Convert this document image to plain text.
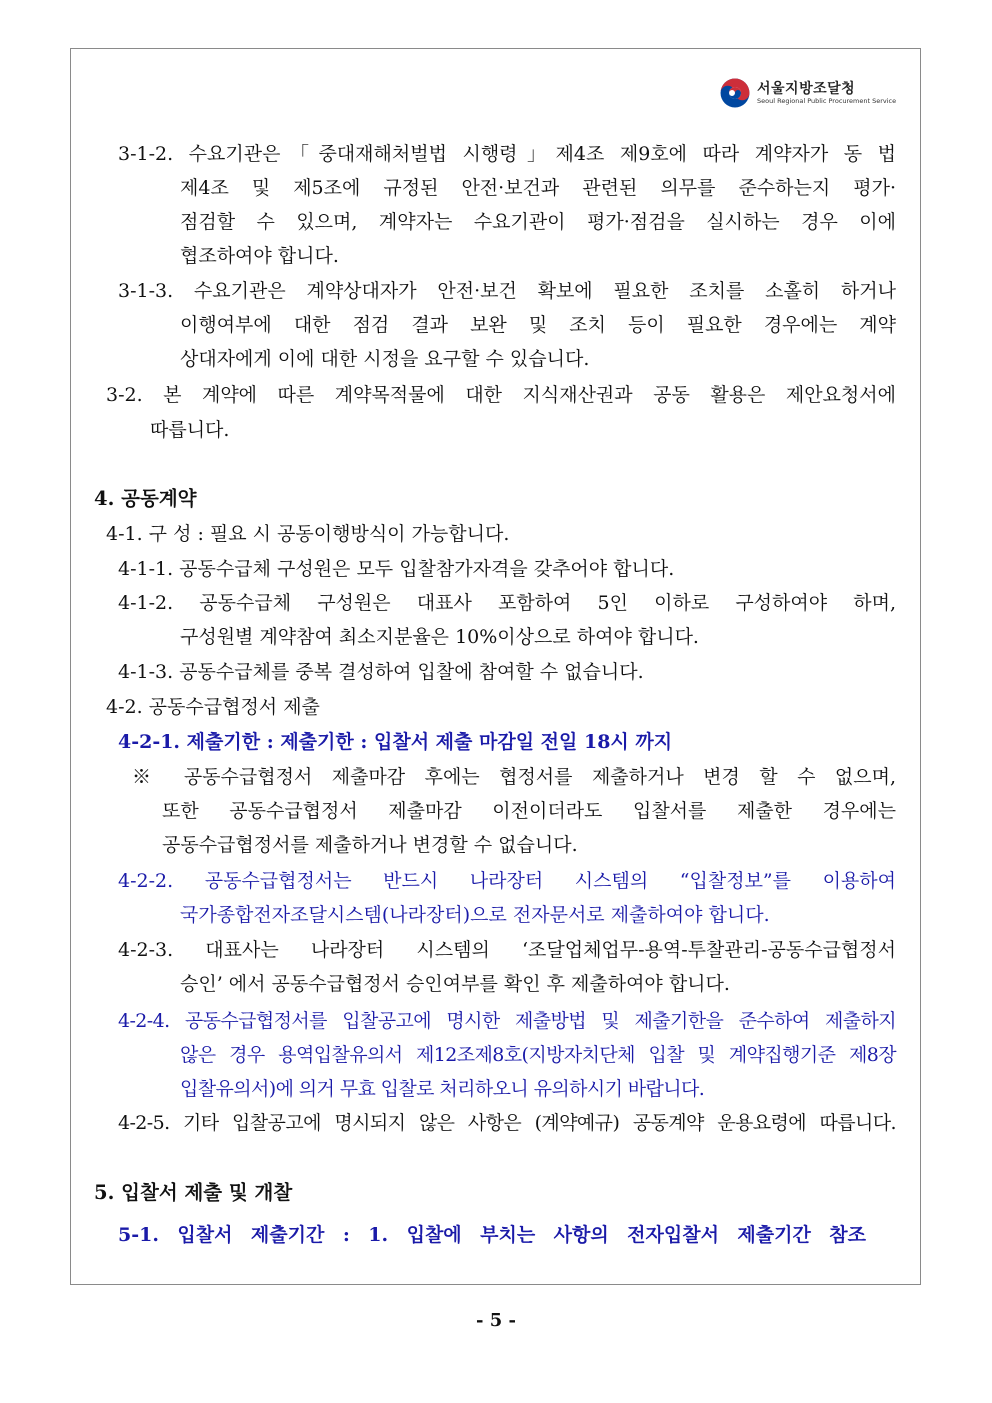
서울지방조달청
Seoul Regional Public Procurement Service
3-1-2. 수요기관은「중대재해처벌법 시행령」제4조 제9호에 따라 계약자가 동 법
제4조 및 제5조에 규정된 안전·보건과 관련된 의무를 준수하는지 평가·
점검할 수 있으며, 계약자는 수요기관이 평가·점검을 실시하는 경우 이에
협조하여야 합니다.
3-1-3. 수요기관은 계약상대자가 안전·보건 확보에 필요한 조치를 소홀히 하거나
이행여부에 대한 점검 결과 보완 및 조치 등이 필요한 경우에는 계약
상대자에게 이에 대한 시정을 요구할 수 있습니다.
3-2. 본 계약에 따른 계약목적물에 대한 지식재산권과 공동 활용은 제안요청서에
따릅니다.
4. 공동계약
4-1. 구 성 : 필요 시 공동이행방식이 가능합니다.
4-1-1. 공동수급체 구성원은 모두 입찰참가자격을 갖추어야 합니다.
4-1-2. 공동수급체 구성원은 대표사 포함하여 5인 이하로 구성하여야 하며,
구성원별 계약참여 최소지분율은 10%이상으로 하여야 합니다.
4-1-3. 공동수급체를 중복 결성하여 입찰에 참여할 수 없습니다.
4-2. 공동수급협정서 제출
4-2-1. 제출기한 : 제출기한 : 입찰서 제출 마감일 전일 18시 까지
※ 공동수급협정서 제출마감 후에는 협정서를 제출하거나 변경 할 수 없으며,
또한 공동수급협정서 제출마감 이전이더라도 입찰서를 제출한 경우에는
공동수급협정서를 제출하거나 변경할 수 없습니다.
4-2-2. 공동수급협정서는 반드시 나라장터 시스템의 “입찰정보”를 이용하여
국가종합전자조달시스템(나라장터)으로 전자문서로 제출하여야 합니다.
4-2-3. 대표사는 나라장터 시스템의 ‘조달업체업무-용역-투찰관리-공동수급협정서
승인’ 에서 공동수급협정서 승인여부를 확인 후 제출하여야 합니다.
4-2-4. 공동수급협정서를 입찰공고에 명시한 제출방법 및 제출기한을 준수하여 제출하지
않은 경우 용역입찰유의서 제12조제8호(지방자치단체 입찰 및 계약집행기준 제8장
입찰유의서)에 의거 무효 입찰로 처리하오니 유의하시기 바랍니다.
4-2-5. 기타 입찰공고에 명시되지 않은 사항은 (계약예규) 공동계약 운용요령에 따릅니다.
5. 입찰서 제출 및 개찰
5-1. 입찰서 제출기간 : 1. 입찰에 부치는 사항의 전자입찰서 제출기간 참조
- 5 -
